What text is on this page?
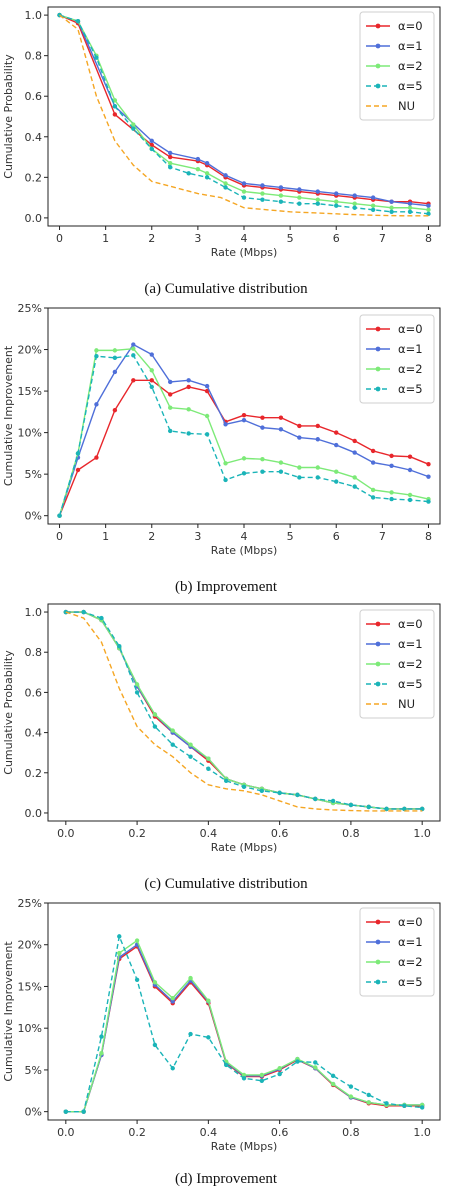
0	1	2	3	4	5	6	7	8
0.0
0.2
0.4
0.6
0.8
1.0
Rate (Mbps)
Cumulative Probability
α=0
α=1
α=2
α=5
NU
(a) Cumulative distribution
0	1	2	3	4	5	6	7	8
0%
5%
10%
15%
20%
25%
Rate (Mbps)
Cumulative Improvement
α=0
α=1
α=2
α=5
(b) Improvement
0.0	0.2	0.4	0.6	0.8	1.0
0.0
0.2
0.4
0.6
0.8
1.0
Rate (Mbps)
Cumulative Probability
α=0
α=1
α=2
α=5
NU
(c) Cumulative distribution
0.0	0.2	0.4	0.6	0.8	1.0
0%
5%
10%
15%
20%
25%
Rate (Mbps)
Cumulative Improvement
α=0
α=1
α=2
α=5
(d) Improvement
